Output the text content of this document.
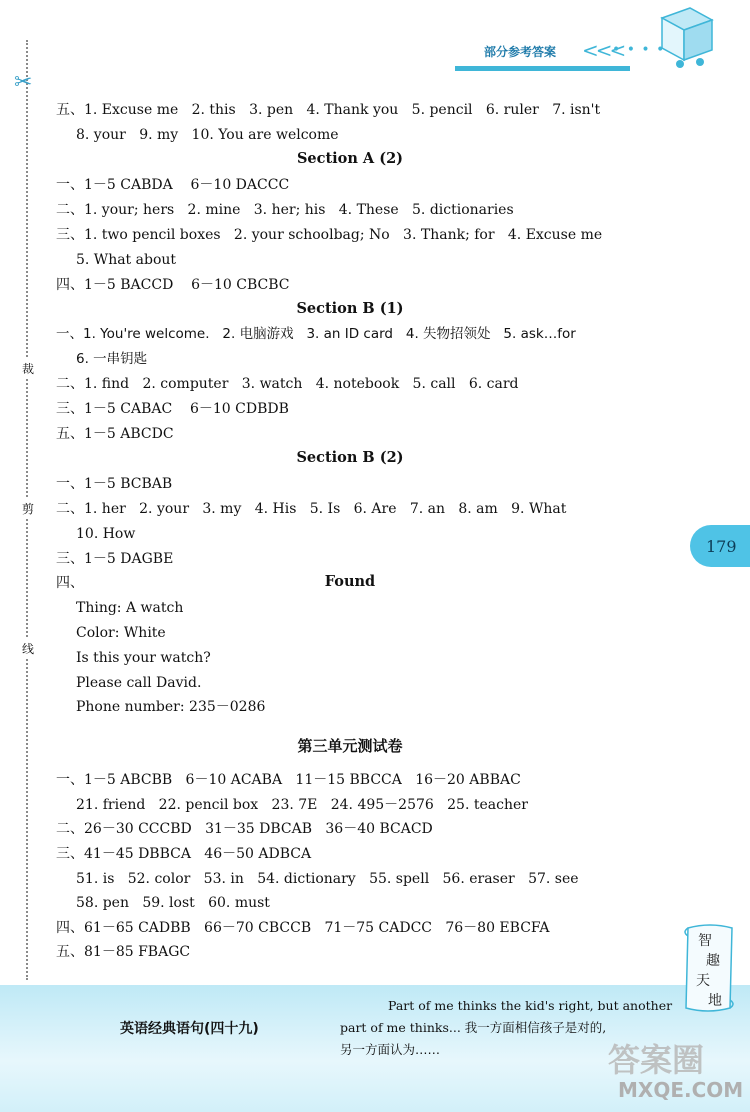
部分参考答案 <<<
• • • •
✂
裁
剪
线
179
五、1. Excuse me   2. this   3. pen   4. Thank you   5. pencil   6. ruler   7. isn't
8. your   9. my   10. You are welcome
Section A (2)
一、1－5 CABDA    6－10 DACCC
二、1. your; hers   2. mine   3. her; his   4. These   5. dictionaries
三、1. two pencil boxes   2. your schoolbag; No   3. Thank; for   4. Excuse me
5. What about
四、1－5 BACCD    6－10 CBCBC
Section B (1)
一、1. You're welcome.   2. 电脑游戏   3. an ID card   4. 失物招领处   5. ask…for
6. 一串钥匙
二、1. find   2. computer   3. watch   4. notebook   5. call   6. card
三、1－5 CABAC    6－10 CDBDB
五、1－5 ABCDC
Section B (2)
一、1－5 BCBAB
二、1. her   2. your   3. my   4. His   5. Is   6. Are   7. an   8. am   9. What
10. How
三、1－5 DAGBE
四、	Found
Thing: A watch
Color: White
Is this your watch?
Please call David.
Phone number: 235－0286
第三单元测试卷
一、1－5 ABCBB   6－10 ACABA   11－15 BBCCA   16－20 ABBAC
21. friend   22. pencil box   23. 7E   24. 495－2576   25. teacher
二、26－30 CCCBD   31－35 DBCAB   36－40 BCACD
三、41－45 DBBCA   46－50 ADBCA
51. is   52. color   53. in   54. dictionary   55. spell   56. eraser   57. see
58. pen   59. lost   60. must
四、61－65 CADBB   66－70 CBCCB   71－75 CADCC   76－80 EBCFA
五、81－85 FBAGC
英语经典语句(四十九)
Part of me thinks the kid's right, but another
part of me thinks... 我一方面相信孩子是对的,
另一方面认为……
智
趣
天
地
答案圈
MXQE.COM
